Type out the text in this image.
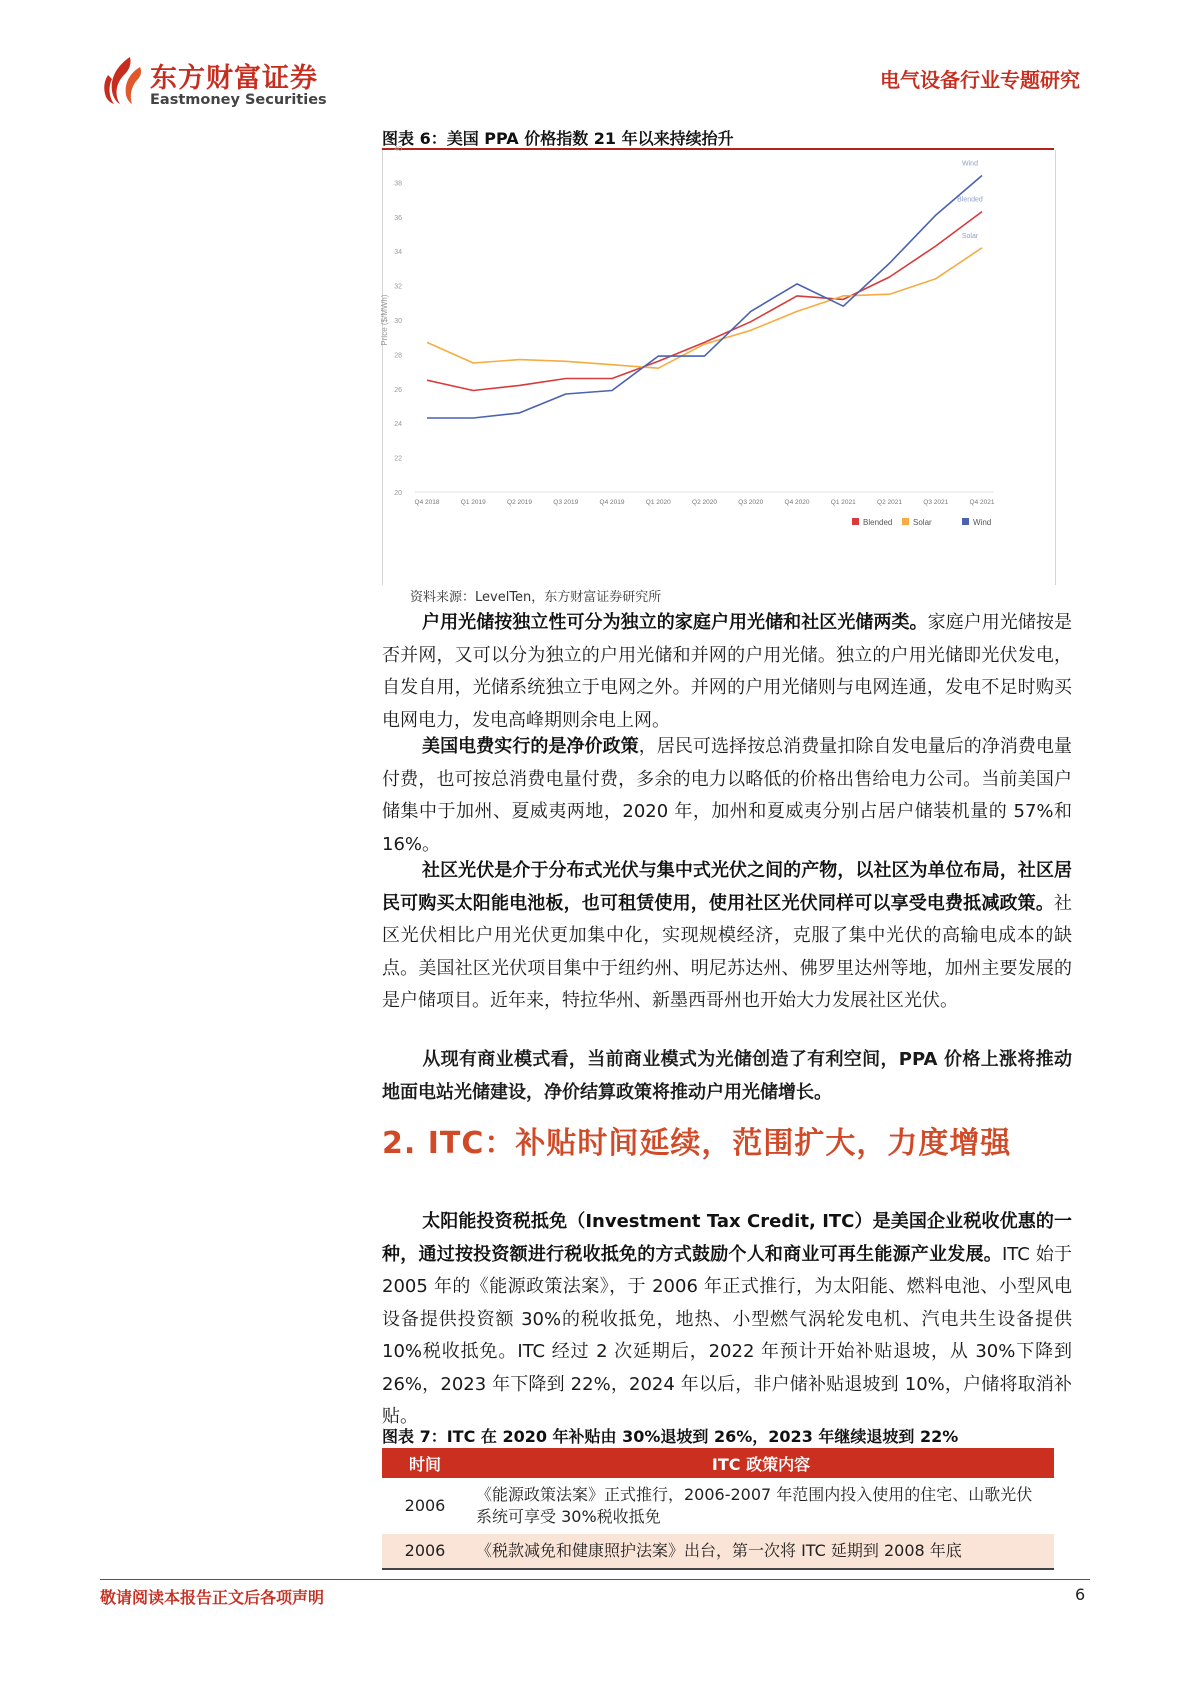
东方财富证券
Eastmoney Securities
电气设备行业专题研究
图表 6：美国 PPA 价格指数 21 年以来持续抬升
20
22
24
26
28
30
32
34
36
38
40
Price ($/MWh)
Q4 2018	Q1 2019	Q2 2019	Q3 2019	Q4 2019	Q1 2020	Q2 2020	Q3 2020	Q4 2020	Q1 2021	Q2 2021	Q3 2021	Q4 2021
Blended
Solar
Wind
Blended	Solar	Wind
资料来源：LevelTen，东方财富证券研究所

户用光储按独立性可分为独立的家庭户用光储和社区光储两类。家庭户用光储按是否并网，又可以分为独立的户用光储和并网的户用光储。独立的户用光储即光伏发电，自发自用，光储系统独立于电网之外。并网的户用光储则与电网连通，发电不足时购买电网电力，发电高峰期则余电上网。

美国电费实行的是净价政策，居民可选择按总消费量扣除自发电量后的净消费电量付费，也可按总消费电量付费，多余的电力以略低的价格出售给电力公司。当前美国户储集中于加州、夏威夷两地，2020 年，加州和夏威夷分别占居户储装机量的 57%和 16%。

社区光伏是介于分布式光伏与集中式光伏之间的产物，以社区为单位布局，社区居民可购买太阳能电池板，也可租赁使用，使用社区光伏同样可以享受电费抵减政策。社区光伏相比户用光伏更加集中化，实现规模经济，克服了集中光伏的高输电成本的缺点。美国社区光伏项目集中于纽约州、明尼苏达州、佛罗里达州等地，加州主要发展的是户储项目。近年来，特拉华州、新墨西哥州也开始大力发展社区光伏。

从现有商业模式看，当前商业模式为光储创造了有利空间，PPA 价格上涨将推动地面电站光储建设，净价结算政策将推动户用光储增长。

2. ITC：补贴时间延续，范围扩大，力度增强

太阳能投资税抵免（Investment Tax Credit, ITC）是美国企业税收优惠的一种，通过按投资额进行税收抵免的方式鼓励个人和商业可再生能源产业发展。ITC 始于 2005 年的《能源政策法案》，于 2006 年正式推行，为太阳能、燃料电池、小型风电设备提供投资额 30%的税收抵免，地热、小型燃气涡轮发电机、汽电共生设备提供 10%税收抵免。ITC 经过 2 次延期后，2022 年预计开始补贴退坡，从 30%下降到 26%，2023 年下降到 22%，2024 年以后，非户储补贴退坡到 10%，户储将取消补贴。

图表 7：ITC 在 2020 年补贴由 30%退坡到 26%，2023 年继续退坡到 22%
时间	ITC 政策内容
2006	《能源政策法案》正式推行，2006-2007 年范围内投入使用的住宅、山歌光伏系统可享受 30%税收抵免
2006	《税款减免和健康照护法案》出台，第一次将 ITC 延期到 2008 年底
敬请阅读本报告正文后各项声明	6
